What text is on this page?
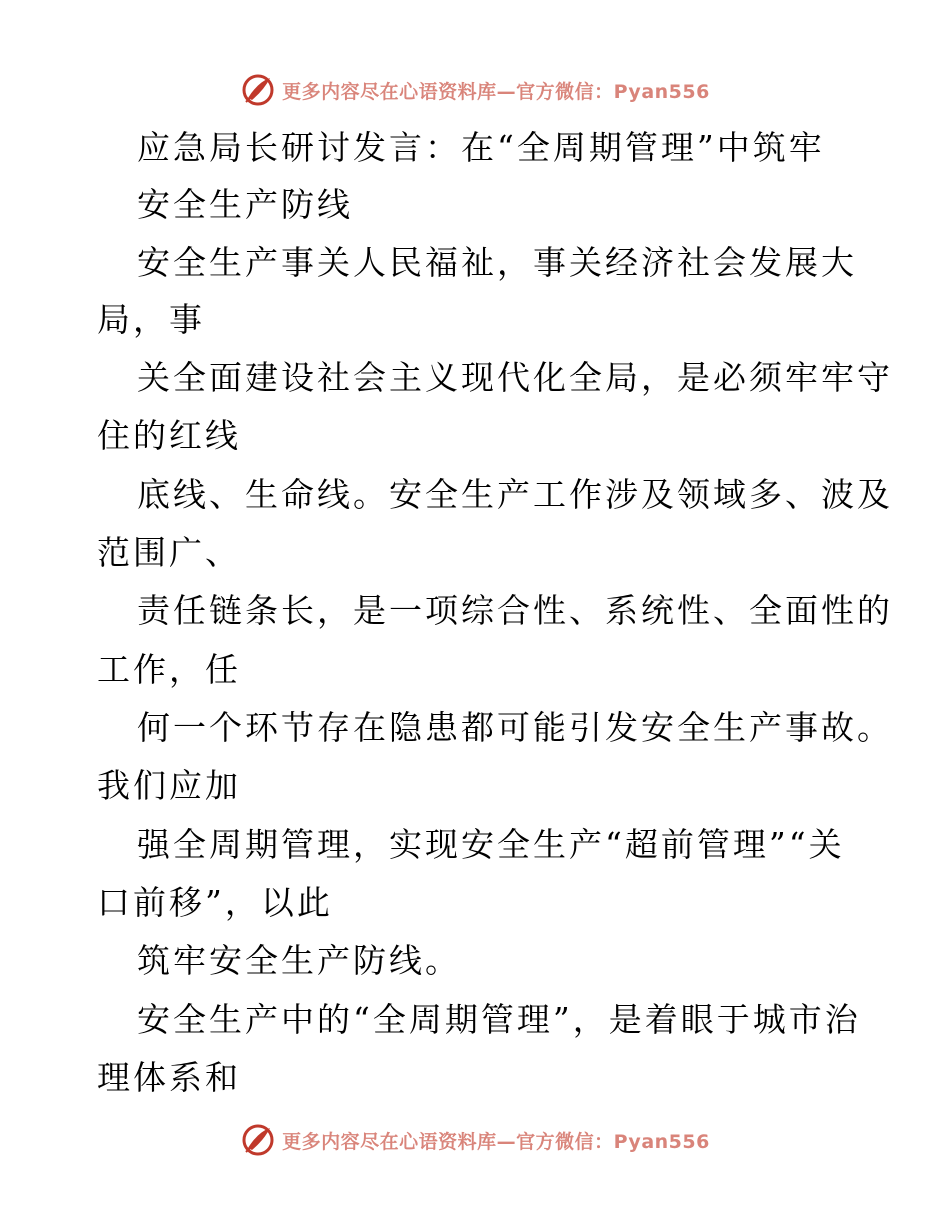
更多内容尽在心语资料库—官方微信：Pyan556
应急局长研讨发言：在“全周期管理”中筑牢
安全生产防线
安全生产事关人民福祉，事关经济社会发展大
局，事
关全面建设社会主义现代化全局，是必须牢牢守
住的红线
底线、生命线。安全生产工作涉及领域多、波及
范围广、
责任链条长，是一项综合性、系统性、全面性的
工作，任
何一个环节存在隐患都可能引发安全生产事故。
我们应加
强全周期管理，实现安全生产“超前管理”“关
口前移”，以此
筑牢安全生产防线。
安全生产中的“全周期管理”，是着眼于城市治
理体系和
更多内容尽在心语资料库—官方微信：Pyan556
